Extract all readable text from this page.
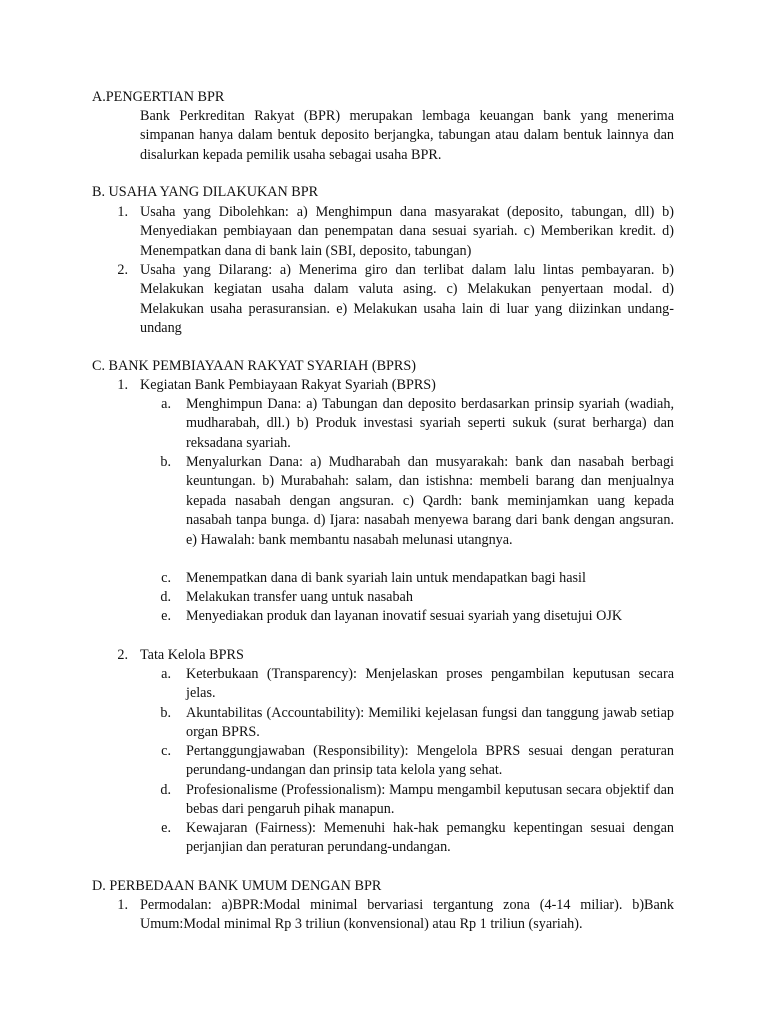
A.PENGERTIAN BPR

Bank Perkreditan Rakyat (BPR) merupakan lembaga keuangan bank yang menerima simpanan hanya dalam bentuk deposito berjangka, tabungan atau dalam bentuk lainnya dan disalurkan kepada pemilik usaha sebagai usaha BPR.

B. USAHA YANG DILAKUKAN BPR
1. Usaha yang Dibolehkan: a) Menghimpun dana masyarakat (deposito, tabungan, dll) b) Menyediakan pembiayaan dan penempatan dana sesuai syariah. c) Memberikan kredit. d) Menempatkan dana di bank lain (SBI, deposito, tabungan)

2. Usaha yang Dilarang: a) Menerima giro dan terlibat dalam lalu lintas pembayaran. b) Melakukan kegiatan usaha dalam valuta asing. c) Melakukan penyertaan modal. d) Melakukan usaha perasuransian. e) Melakukan usaha lain di luar yang diizinkan undang-undang

C. BANK PEMBIAYAAN RAKYAT SYARIAH (BPRS)
1. Kegiatan Bank Pembiayaan Rakyat Syariah (BPRS)

a. Menghimpun Dana: a) Tabungan dan deposito berdasarkan prinsip syariah (wadiah, mudharabah, dll.) b) Produk investasi syariah seperti sukuk (surat berharga) dan reksadana syariah.

b. Menyalurkan Dana: a) Mudharabah dan musyarakah: bank dan nasabah berbagi keuntungan. b) Murabahah: salam, dan istishna: membeli barang dan menjualnya kepada nasabah dengan angsuran. c) Qardh: bank meminjamkan uang kepada nasabah tanpa bunga. d) Ijara: nasabah menyewa barang dari bank dengan angsuran. e) Hawalah: bank membantu nasabah melunasi utangnya.

c. Menempatkan dana di bank syariah lain untuk mendapatkan bagi hasil

d. Melakukan transfer uang untuk nasabah

e. Menyediakan produk dan layanan inovatif sesuai syariah yang disetujui OJK

2. Tata Kelola BPRS

a. Keterbukaan (Transparency): Menjelaskan proses pengambilan keputusan secara jelas.

b. Akuntabilitas (Accountability): Memiliki kejelasan fungsi dan tanggung jawab setiap organ BPRS.

c. Pertanggungjawaban (Responsibility): Mengelola BPRS sesuai dengan peraturan perundang-undangan dan prinsip tata kelola yang sehat.

d. Profesionalisme (Professionalism): Mampu mengambil keputusan secara objektif dan bebas dari pengaruh pihak manapun.

e. Kewajaran (Fairness): Memenuhi hak-hak pemangku kepentingan sesuai dengan perjanjian dan peraturan perundang-undangan.

D. PERBEDAAN BANK UMUM DENGAN BPR
1. Permodalan: a)BPR:Modal minimal bervariasi tergantung zona (4-14 miliar). b)Bank Umum:Modal minimal Rp 3 triliun (konvensional) atau Rp 1 triliun (syariah).
